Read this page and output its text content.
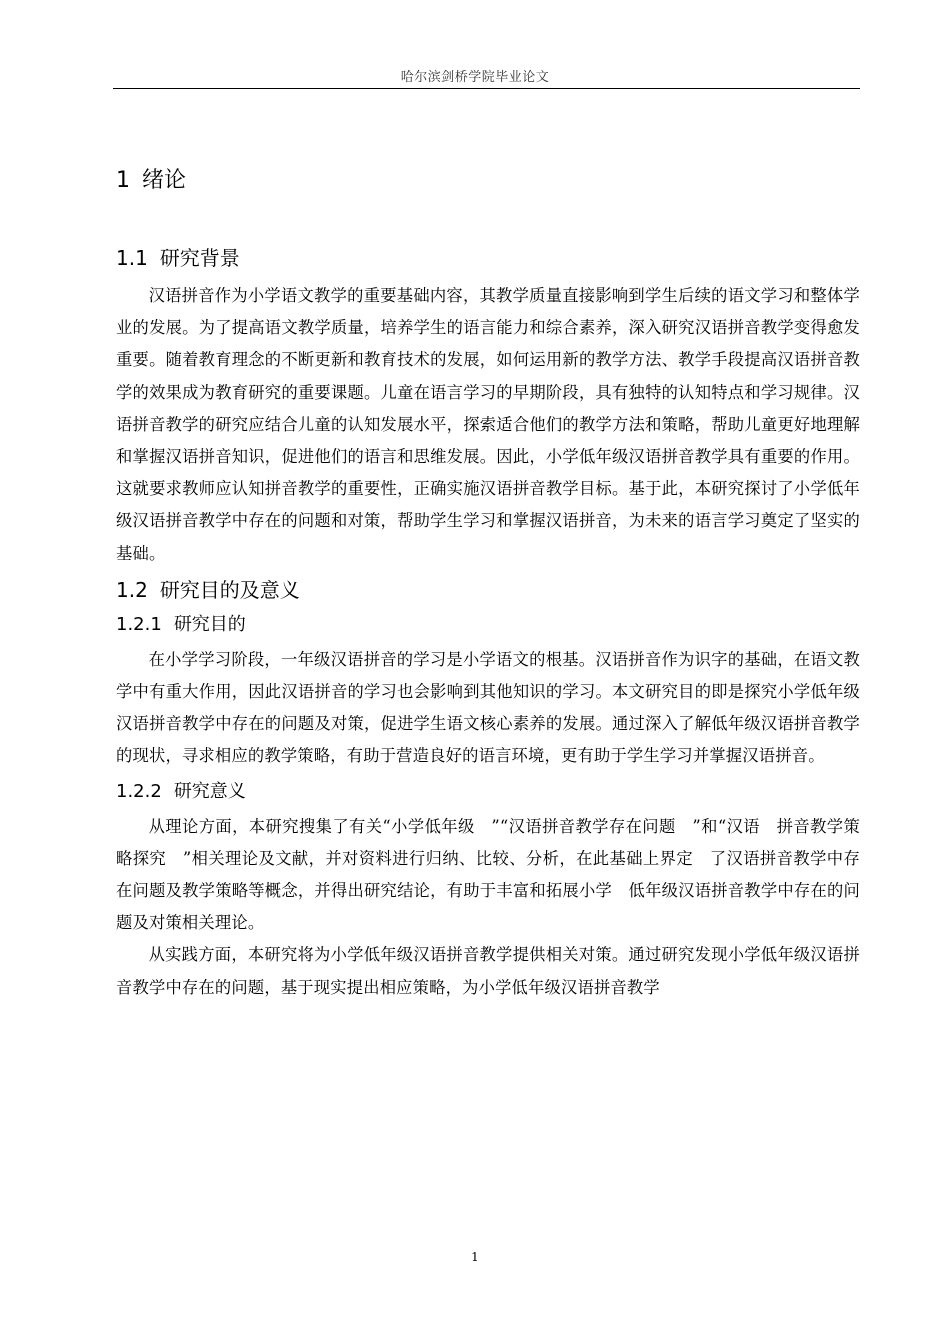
哈尔滨剑桥学院毕业论文
1 绪论
1.1 研究背景

汉语拼音作为小学语文教学的重要基础内容，其教学质量直接影响到学生后续的语文学习和整体学业的发展。为了提高语文教学质量，培养学生的语言能力和综合素养，深入研究汉语拼音教学变得愈发重要。随着教育理念的不断更新和教育技术的发展，如何运用新的教学方法、教学手段提高汉语拼音教学的效果成为教育研究的重要课题。儿童在语言学习的早期阶段，具有独特的认知特点和学习规律。汉语拼音教学的研究应结合儿童的认知发展水平，探索适合他们的教学方法和策略，帮助儿童更好地理解和掌握汉语拼音知识，促进他们的语言和思维发展。因此，小学低年级汉语拼音教学具有重要的作用。这就要求教师应认知拼音教学的重要性，正确实施汉语拼音教学目标。基于此，本研究探讨了小学低年级汉语拼音教学中存在的问题和对策，帮助学生学习和掌握汉语拼音，为未来的语言学习奠定了坚实的基础。

1.2 研究目的及意义
1.2.1 研究目的

在小学学习阶段，一年级汉语拼音的学习是小学语文的根基。汉语拼音作为识字的基础，在语文教学中有重大作用，因此汉语拼音的学习也会影响到其他知识的学习。本文研究目的即是探究小学低年级汉语拼音教学中存在的问题及对策，促进学生语文核心素养的发展。通过深入了解低年级汉语拼音教学的现状，寻求相应的教学策略，有助于营造良好的语言环境，更有助于学生学习并掌握汉语拼音。

1.2.2 研究意义

从理论方面，本研究搜集了有关“小学低年级　”“汉语拼音教学存在问题　”和“汉语　拼音教学策略探究　”相关理论及文献，并对资料进行归纳、比较、分析，在此基础上界定　了汉语拼音教学中存在问题及教学策略等概念，并得出研究结论，有助于丰富和拓展小学　低年级汉语拼音教学中存在的问题及对策相关理论。

从实践方面，本研究将为小学低年级汉语拼音教学提供相关对策。通过研究发现小学低年级汉语拼音教学中存在的问题，基于现实提出相应策略，为小学低年级汉语拼音教学

1
